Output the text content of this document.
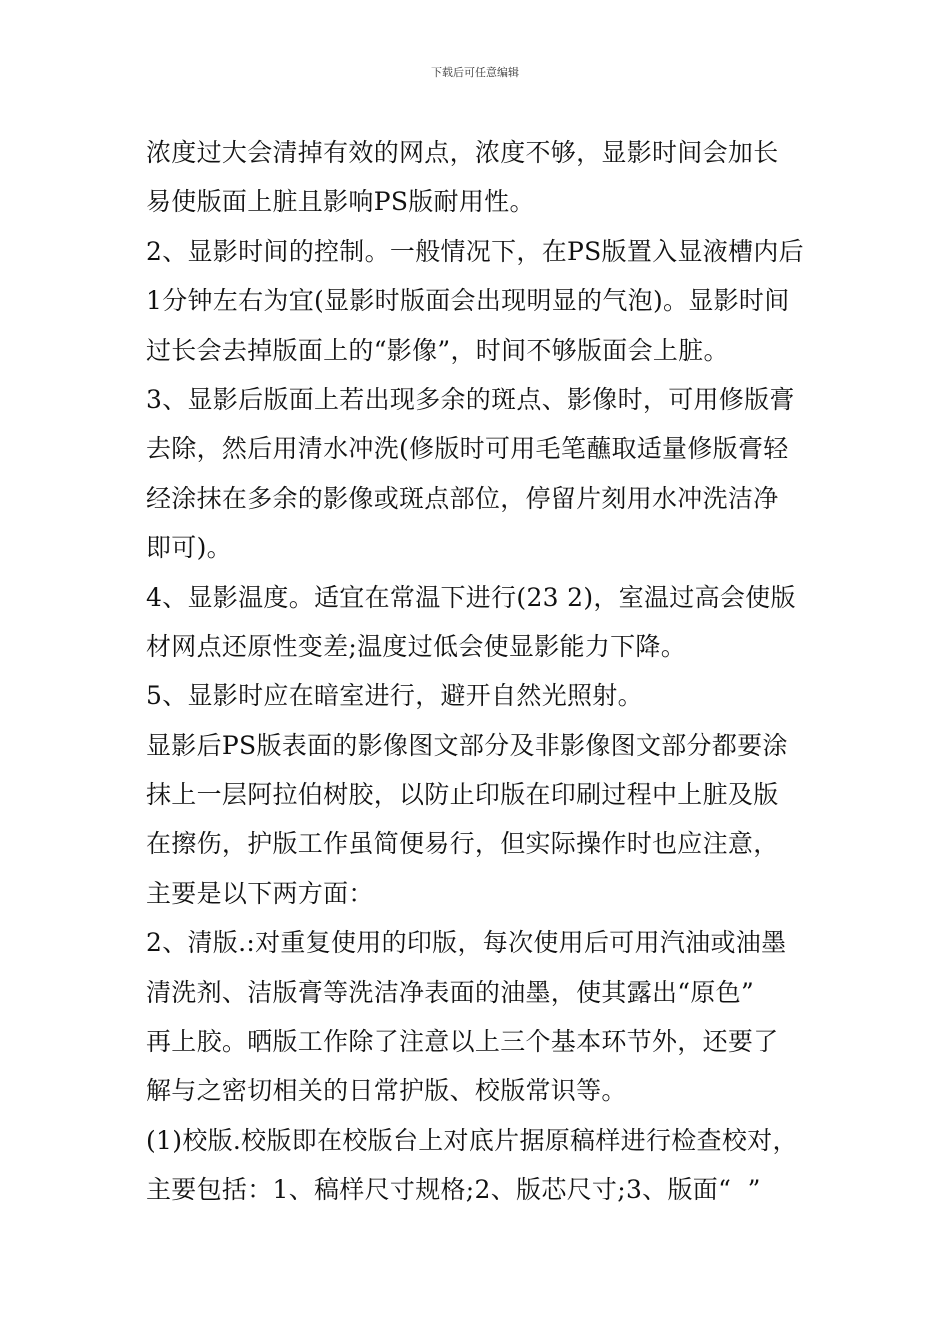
下载后可任意编辑
浓度过大会清掉有效的网点，浓度不够，显影时间会加长
易使版面上脏且影响PS版耐用性。
2、显影时间的控制。一般情况下，在PS版置入显液槽内后
1分钟左右为宜(显影时版面会出现明显的气泡)。显影时间
过长会去掉版面上的“影像”，时间不够版面会上脏。
3、显影后版面上若出现多余的斑点、影像时，可用修版膏
去除，然后用清水冲洗(修版时可用毛笔蘸取适量修版膏轻
经涂抹在多余的影像或斑点部位，停留片刻用水冲洗洁净
即可)。
4、显影温度。适宜在常温下进行(23 2)，室温过高会使版
材网点还原性变差;温度过低会使显影能力下降。
5、显影时应在暗室进行，避开自然光照射。
显影后PS版表面的影像图文部分及非影像图文部分都要涂
抹上一层阿拉伯树胶，以防止印版在印刷过程中上脏及版
在擦伤，护版工作虽简便易行，但实际操作时也应注意，
主要是以下两方面：
2、清版.:对重复使用的印版，每次使用后可用汽油或油墨
清洗剂、洁版膏等洗洁净表面的油墨，使其露出“原色”
再上胶。晒版工作除了注意以上三个基本环节外，还要了
解与之密切相关的日常护版、校版常识等。
(1)校版.校版即在校版台上对底片据原稿样进行检查校对，
主要包括：1、稿样尺寸规格;2、版芯尺寸;3、版面“  ”
